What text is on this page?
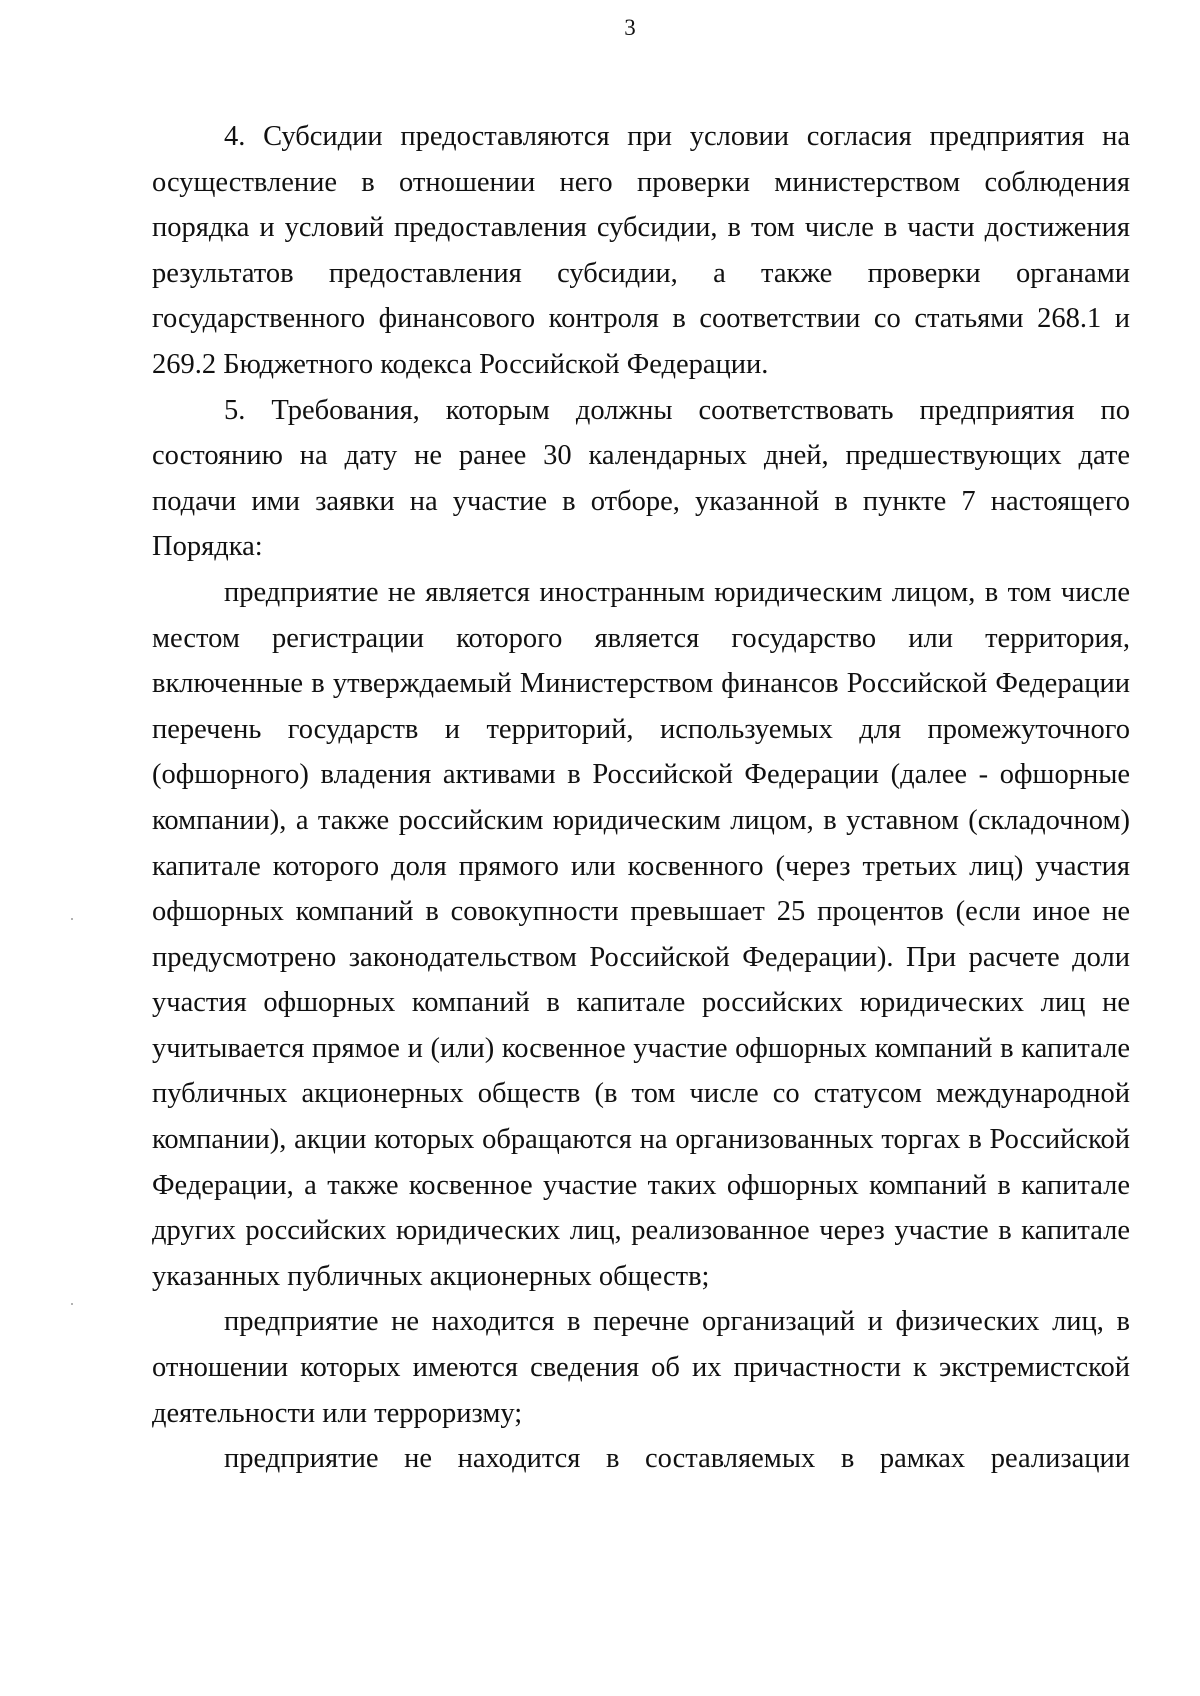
3
4. Субсидии предоставляются при условии согласия предприятия на
осуществление в отношении него проверки министерством соблюдения
порядка и условий предоставления субсидии, в том числе в части достижения
результатов предоставления субсидии, а также проверки органами
государственного финансового контроля в соответствии со статьями 268.1 и
269.2 Бюджетного кодекса Российской Федерации.
5. Требования, которым должны соответствовать предприятия по
состоянию на дату не ранее 30 календарных дней, предшествующих дате
подачи ими заявки на участие в отборе, указанной в пункте 7 настоящего
Порядка:
предприятие не является иностранным юридическим лицом, в том числе
местом регистрации которого является государство или территория,
включенные в утверждаемый Министерством финансов Российской Федерации
перечень государств и территорий, используемых для промежуточного
(офшорного) владения активами в Российской Федерации (далее - офшорные
компании), а также российским юридическим лицом, в уставном (складочном)
капитале которого доля прямого или косвенного (через третьих лиц) участия
офшорных компаний в совокупности превышает 25 процентов (если иное не
предусмотрено законодательством Российской Федерации). При расчете доли
участия офшорных компаний в капитале российских юридических лиц не
учитывается прямое и (или) косвенное участие офшорных компаний в капитале
публичных акционерных обществ (в том числе со статусом международной
компании), акции которых обращаются на организованных торгах в Российской
Федерации, а также косвенное участие таких офшорных компаний в капитале
других российских юридических лиц, реализованное через участие в капитале
указанных публичных акционерных обществ;
предприятие не находится в перечне организаций и физических лиц, в
отношении которых имеются сведения об их причастности к экстремистской
деятельности или терроризму;
предприятие не находится в составляемых в рамках реализации
